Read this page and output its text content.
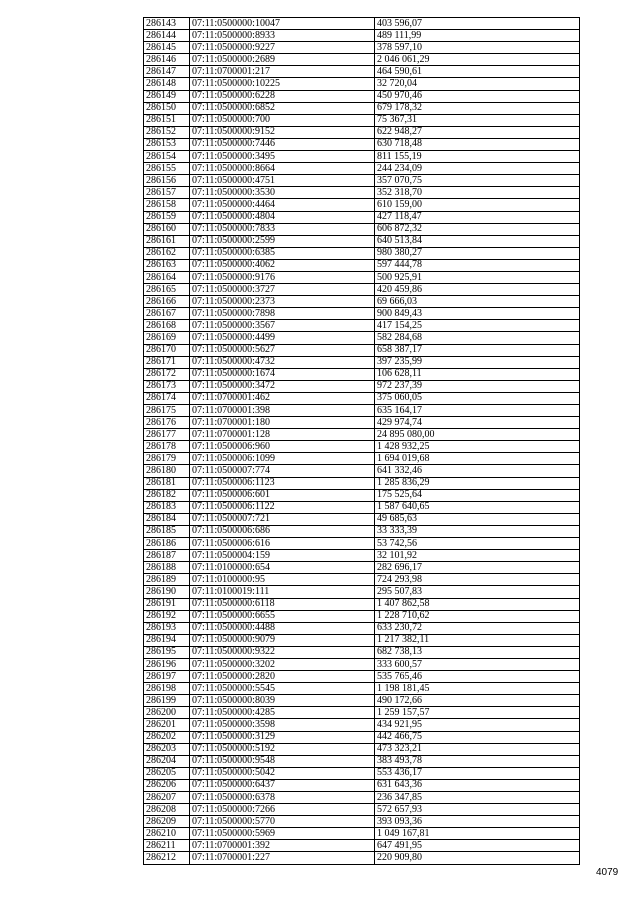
286143	07:11:0500000:10047	403 596,07
286144	07:11:0500000:8933	489 111,99
286145	07:11:0500000:9227	378 597,10
286146	07:11:0500000:2689	2 046 061,29
286147	07:11:0700001:217	464 590,61
286148	07:11:0500000:10225	32 720,04
286149	07:11:0500000:6228	450 970,46
286150	07:11:0500000:6852	679 178,32
286151	07:11:0500000:700	75 367,31
286152	07:11:0500000:9152	622 948,27
286153	07:11:0500000:7446	630 718,48
286154	07:11:0500000:3495	811 155,19
286155	07:11:0500000:8664	244 234,09
286156	07:11:0500000:4751	357 070,75
286157	07:11:0500000:3530	352 318,70
286158	07:11:0500000:4464	610 159,00
286159	07:11:0500000:4804	427 118,47
286160	07:11:0500000:7833	606 872,32
286161	07:11:0500000:2599	640 513,84
286162	07:11:0500000:6385	980 380,27
286163	07:11:0500000:4062	597 444,78
286164	07:11:0500000:9176	500 925,91
286165	07:11:0500000:3727	420 459,86
286166	07:11:0500000:2373	69 666,03
286167	07:11:0500000:7898	900 849,43
286168	07:11:0500000:3567	417 154,25
286169	07:11:0500000:4499	582 284,68
286170	07:11:0500000:5627	658 387,17
286171	07:11:0500000:4732	397 235,99
286172	07:11:0500000:1674	106 628,11
286173	07:11:0500000:3472	972 237,39
286174	07:11:0700001:462	375 060,05
286175	07:11:0700001:398	635 164,17
286176	07:11:0700001:180	429 974,74
286177	07:11:0700001:128	24 895 080,00
286178	07:11:0500006:960	1 428 932,25
286179	07:11:0500006:1099	1 694 019,68
286180	07:11:0500007:774	641 332,46
286181	07:11:0500006:1123	1 285 836,29
286182	07:11:0500006:601	175 525,64
286183	07:11:0500006:1122	1 587 640,65
286184	07:11:0500007:721	49 685,63
286185	07:11:0500006:686	33 333,39
286186	07:11:0500006:616	53 742,56
286187	07:11:0500004:159	32 101,92
286188	07:11:0100000:654	282 696,17
286189	07:11:0100000:95	724 293,98
286190	07:11:0100019:111	295 507,83
286191	07:11:0500000:6118	1 407 862,58
286192	07:11:0500000:6655	1 228 710,62
286193	07:11:0500000:4488	633 230,72
286194	07:11:0500000:9079	1 217 382,11
286195	07:11:0500000:9322	682 738,13
286196	07:11:0500000:3202	333 600,57
286197	07:11:0500000:2820	535 765,46
286198	07:11:0500000:5545	1 198 181,45
286199	07:11:0500000:8039	490 172,66
286200	07:11:0500000:4285	1 259 157,57
286201	07:11:0500000:3598	434 921,95
286202	07:11:0500000:3129	442 466,75
286203	07:11:0500000:5192	473 323,21
286204	07:11:0500000:9548	383 493,78
286205	07:11:0500000:5042	553 436,17
286206	07:11:0500000:6437	631 643,36
286207	07:11:0500000:6378	236 347,85
286208	07:11:0500000:7266	572 657,93
286209	07:11:0500000:5770	393 093,36
286210	07:11:0500000:5969	1 049 167,81
286211	07:11:0700001:392	647 491,95
286212	07:11:0700001:227	220 909,80
4079
